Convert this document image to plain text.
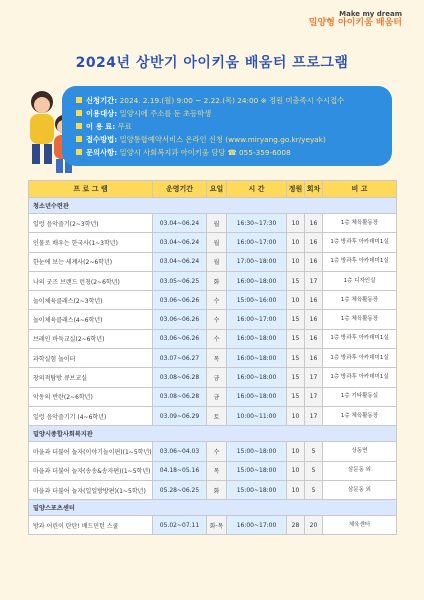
Make my dream
밀양형 아이키움 배움터
2024년 상반기 아이키움 배움터 프로그램
신청기간: 2024. 2.19.(월) 9:00 ~ 2.22.(목) 24:00 ※ 정원 미충족시 수시접수
이용대상: 밀양시에 주소를 둔 초등학생
이 용 료: 무료
접수방법: 밀양통합예약서비스 온라인 신청 (www.miryang.go.kr/yeyak)
문의사항: 밀양시 사회복지과 아이키움 담당 ☎ 055-359-6008
프 로 그 램	운영기간	요일	시 간	정원	회차	비 고
청소년수련관						
일렁 음악즐기(2~3학년)	03.04~06.24	월	16:30~17:30	10	16	1층 체육활동장
인물로 배우는 한국사(1~3학년)	03.04~06.24	월	16:00~17:00	10	16	1층 방과후 아카데미1실
한눈에 보는 세계사(2~6학년)	03.04~06.24	월	17:00~18:00	10	16	1층 방과후 아카데미1실
나의 굿즈 브랜드 런칭(2~6학년)	03.05~06.25	화	16:00~18:00	15	17	1층 디자인실
놀이체육클래스(2~3학년)	03.06~06.26	수	15:00~16:00	10	16	1층 체육활동장
놀이체육클래스(4~6학년)	03.06~06.26	수	16:00~17:00	15	16	1층 체육활동장
브레인 바둑교실(2~6학년)	03.06~06.26	수	16:00~18:00	15	16	1층 방과후 아카데미1실
과학실험 놀이터	03.07~06.27	목	16:00~18:00	15	16	1층 방과후 아카데미1실
창의적탐방 큐브교실	03.08~06.28	금	16:00~18:00	15	17	1층 방과후 아카데미1실
악동의 반란(2~6학년)	03.08~06.28	금	16:00~18:00	15	17	1층 기타활동실
일렁 음악즐기기 (4~6학년)	03.09~06.29	토	10:00~11:00	10	17	1층 체육활동장
밀양시종합사회복지관						
마을과 더불어 놀자(이야기놀이편)(1~5학년)	03.06~04.03	수	15:00~18:00	10	5	상동면
마을과 더불어 놀자(송송&송자편)(1~5학년)	04.18~05.16	목	15:00~18:00	10	5	삼문동 외
마을과 더불어 놀자(일일방방편)(1~5학년)	05.28~06.25	화	15:00~18:00	10	5	삼문동 외
밀양스포츠센터						
방과 어린이 탄탄! 배드민턴 스쿨	05.02~07.11	화·목	16:00~17:00	28	20	체육센터
